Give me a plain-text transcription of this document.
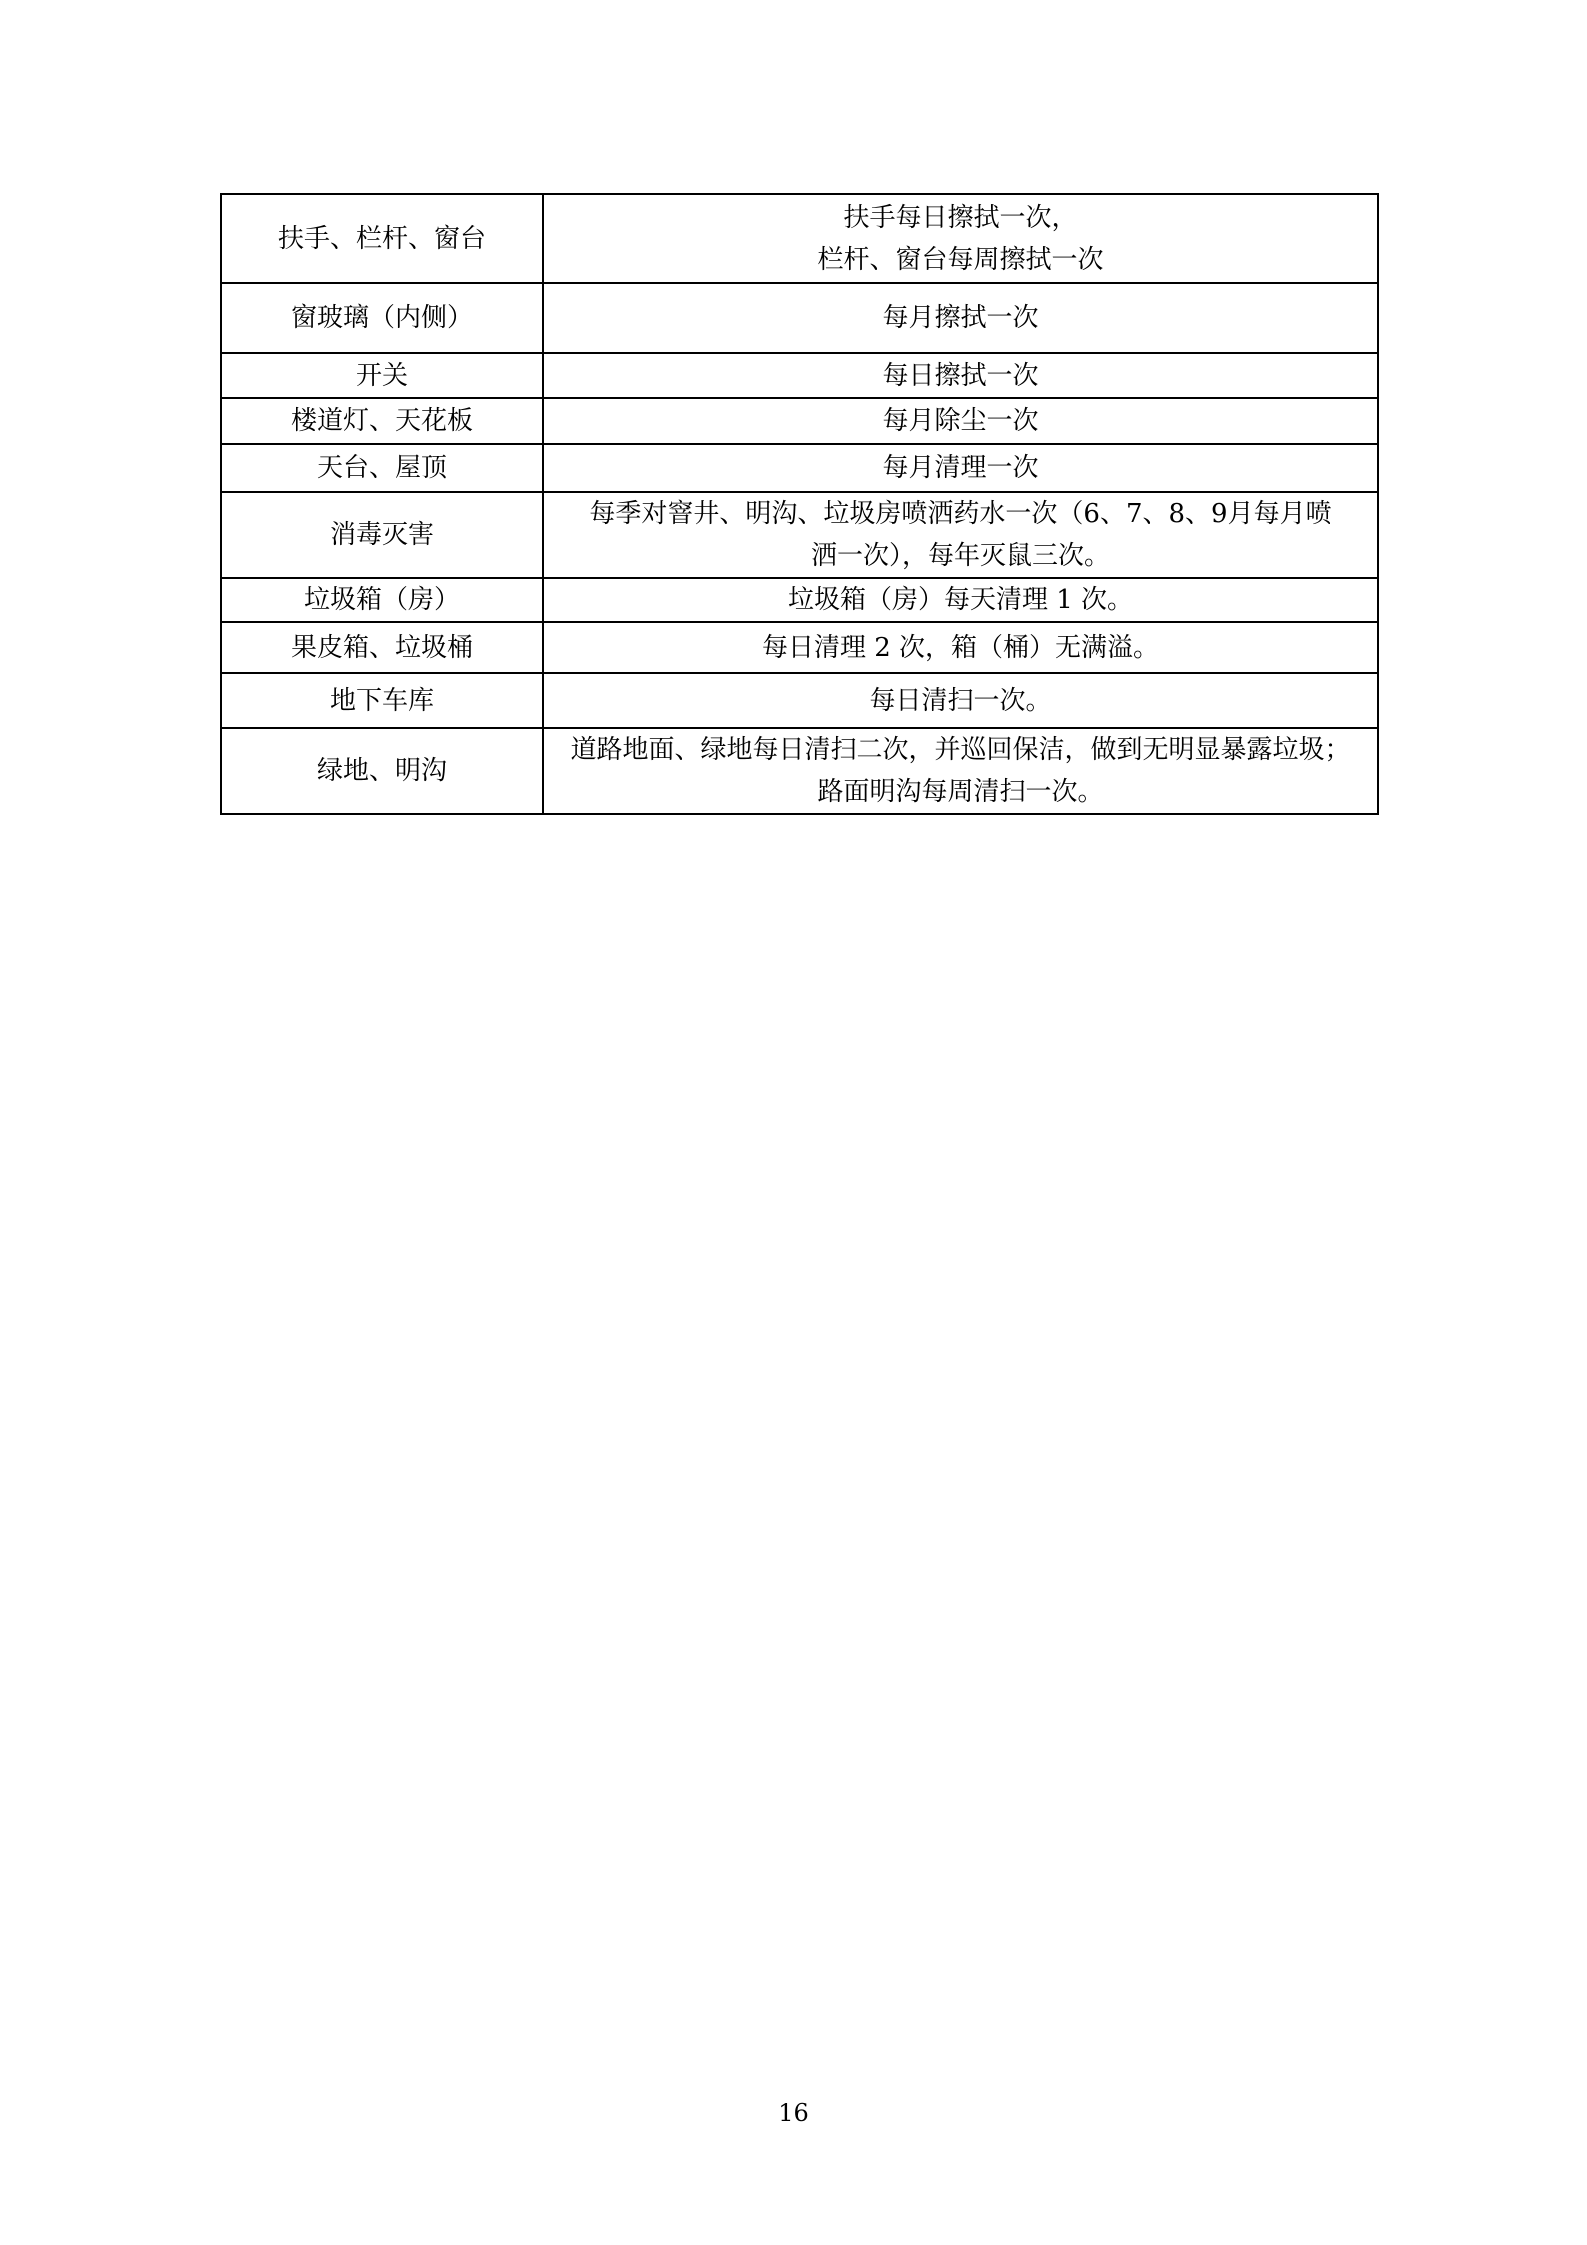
扶手、栏杆、窗台	扶手每日擦拭一次，
栏杆、窗台每周擦拭一次

窗玻璃（内侧）	每月擦拭一次

开关	每日擦拭一次

楼道灯、天花板	每月除尘一次

天台、屋顶	每月清理一次

消毒灭害	每季对窨井、明沟、垃圾房喷洒药水一次（6、7、8、9月每月喷
洒一次），每年灭鼠三次。

垃圾箱（房）	垃圾箱（房）每天清理 1 次。

果皮箱、垃圾桶	每日清理 2 次，箱（桶）无满溢。

地下车库	每日清扫一次。

绿地、明沟	道路地面、绿地每日清扫二次，并巡回保洁，做到无明显暴露垃圾；
路面明沟每周清扫一次。
16
